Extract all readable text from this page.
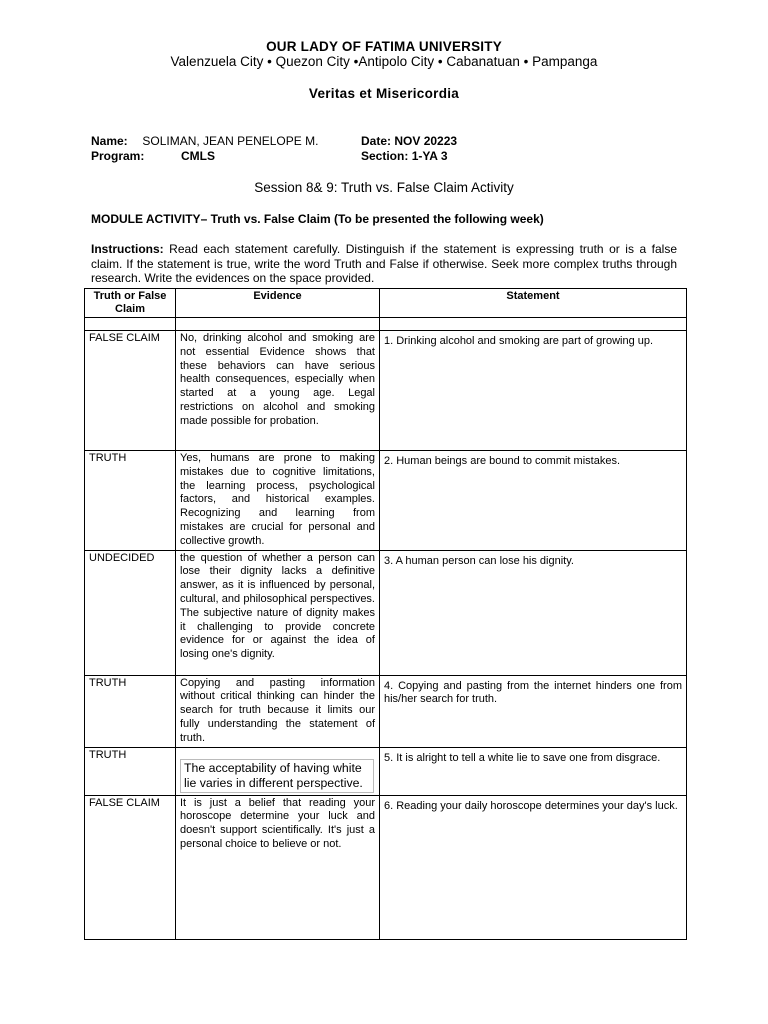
OUR LADY OF FATIMA UNIVERSITY
Valenzuela City • Quezon City •Antipolo City • Cabanatuan • Pampanga
Veritas et Misericordia
Name: SOLIMAN, JEAN PENELOPE M.	Date: NOV 20223
Program:	CMLS	Section: 1-YA 3
Session 8& 9: Truth vs. False Claim Activity
MODULE ACTIVITY– Truth vs. False Claim (To be presented the following week)
Instructions: Read each statement carefully. Distinguish if the statement is expressing truth or is a false claim. If the statement is true, write the word Truth and False if otherwise. Seek more complex truths through research. Write the evidences on the space provided.
Truth or False Claim	Evidence	Statement

FALSE CLAIM	No, drinking alcohol and smoking are not essential Evidence shows that these behaviors can have serious health consequences, especially when started at a young age. Legal restrictions on alcohol and smoking made possible for probation.	1. Drinking alcohol and smoking are part of growing up.
TRUTH	Yes, humans are prone to making mistakes due to cognitive limitations, the learning process, psychological factors, and historical examples. Recognizing and learning from mistakes are crucial for personal and collective growth.	2. Human beings are bound to commit mistakes.
UNDECIDED	the question of whether a person can lose their dignity lacks a definitive answer, as it is influenced by personal, cultural, and philosophical perspectives. The subjective nature of dignity makes it challenging to provide concrete evidence for or against the idea of losing one's dignity.	3. A human person can lose his dignity.
TRUTH	Copying and pasting information without critical thinking can hinder the search for truth because it limits our fully understanding the statement of truth.	4. Copying and pasting from the internet hinders one from his/her search for truth.
TRUTH	The acceptability of having white lie varies in different perspective.	5. It is alright to tell a white lie to save one from disgrace.
FALSE CLAIM	It is just a belief that reading your horoscope determine your luck and doesn't support scientifically. It's just a personal choice to believe or not.	6. Reading your daily horoscope determines your day's luck.
